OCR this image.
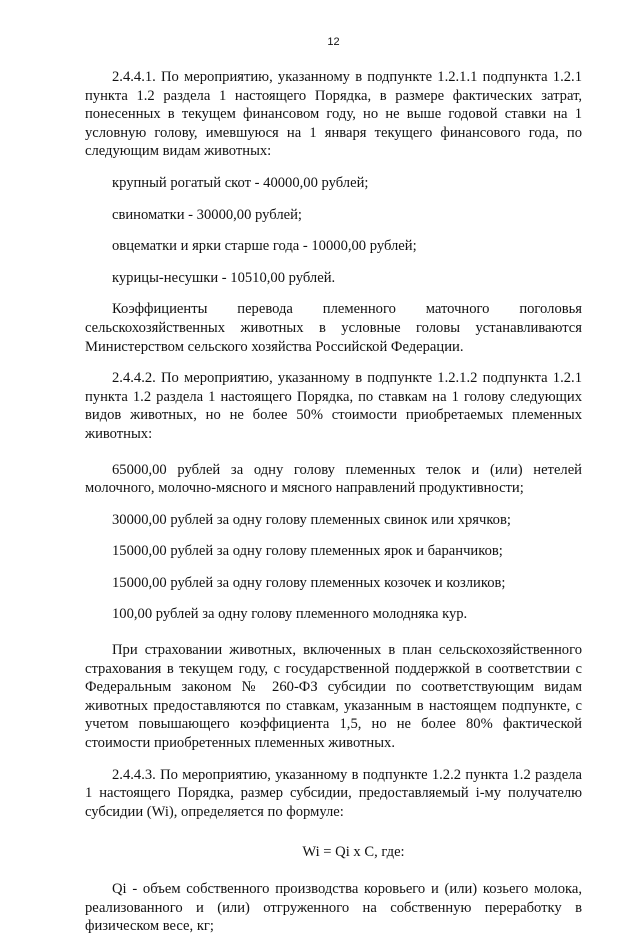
12

2.4.4.1. По мероприятию, указанному в подпункте 1.2.1.1 подпункта 1.2.1 пункта 1.2 раздела 1 настоящего Порядка, в размере фактических затрат, понесенных в текущем финансовом году, но не выше годовой ставки на 1 условную голову, имевшуюся на 1 января текущего финансового года, по следующим видам животных:

крупный рогатый скот - 40000,00 рублей;

свиноматки - 30000,00 рублей;

овцематки и ярки старше года - 10000,00 рублей;

курицы-несушки - 10510,00 рублей.

Коэффициенты перевода племенного маточного поголовья сельскохозяйственных животных в условные головы устанавливаются Министерством сельского хозяйства Российской Федерации.

2.4.4.2. По мероприятию, указанному в подпункте 1.2.1.2 подпункта 1.2.1 пункта 1.2 раздела 1 настоящего Порядка, по ставкам на 1 голову следующих видов животных, но не более 50% стоимости приобретаемых племенных животных:

65000,00 рублей за одну голову племенных телок и (или) нетелей молочного, молочно-мясного и мясного направлений продуктивности;

30000,00 рублей за одну голову племенных свинок или хрячков;

15000,00 рублей за одну голову племенных ярок и баранчиков;

15000,00 рублей за одну голову племенных козочек и козликов;

100,00 рублей за одну голову племенного молодняка кур.

При страховании животных, включенных в план сельскохозяйственного страхования в текущем году, с государственной поддержкой в соответствии с Федеральным законом № 260-ФЗ субсидии по соответствующим видам животных предоставляются по ставкам, указанным в настоящем подпункте, с учетом повышающего коэффициента 1,5, но не более 80% фактической стоимости приобретенных племенных животных.

2.4.4.3. По мероприятию, указанному в подпункте 1.2.2 пункта 1.2 раздела 1 настоящего Порядка, размер субсидии, предоставляемый i-му получателю субсидии (Wi), определяется по формуле:

Wi = Qi x C, где:

Qi - объем собственного производства коровьего и (или) козьего молока, реализованного и (или) отгруженного на собственную переработку в физическом весе, кг;
